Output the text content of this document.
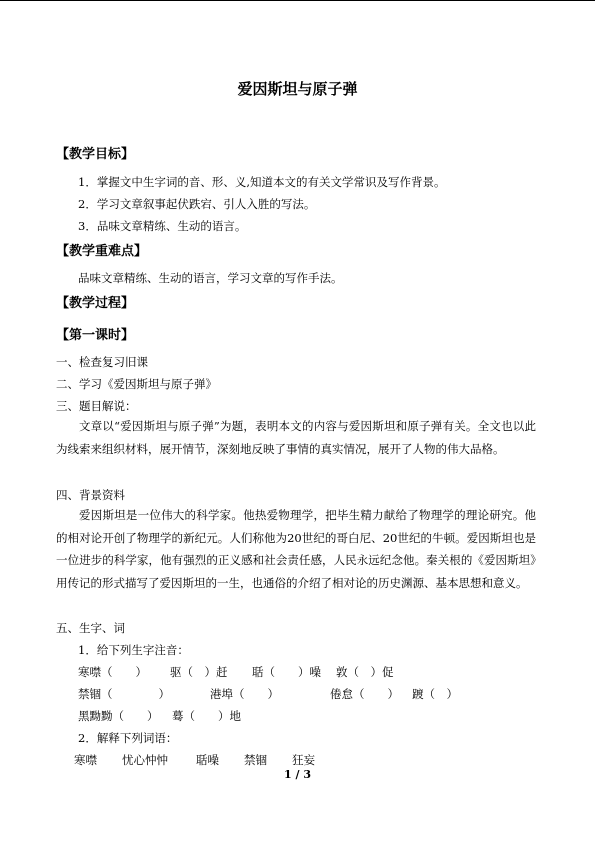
爱因斯坦与原子弹
【教学目标】
1．掌握文中生字词的音、形、义,知道本文的有关文学常识及写作背景。
2．学习文章叙事起伏跌宕、引人入胜的写法。
3．品味文章精练、生动的语言。
【教学重难点】
品味文章精练、生动的语言，学习文章的写作手法。
【教学过程】
【第一课时】
一、检查复习旧课
二、学习《爱因斯坦与原子弹》
三、题目解说：
文章以“爱因斯坦与原子弹”为题，表明本文的内容与爱因斯坦和原子弹有关。全文也以此为线索来组织材料，展开情节，深刻地反映了事情的真实情况，展开了人物的伟大品格。
四、背景资料
爱因斯坦是一位伟大的科学家。他热爱物理学，把毕生精力献给了物理学的理论研究。他的相对论开创了物理学的新纪元。人们称他为20世纪的哥白尼、20世纪的牛顿。爱因斯坦也是一位进步的科学家，他有强烈的正义感和社会责任感，人民永远纪念他。秦关根的《爱因斯坦》用传记的形式描写了爱因斯坦的一生，也通俗的介绍了相对论的历史渊源、基本思想和意义。
五、生字、词
1．给下列生字注音：
寒噤（　　） 驱（　）赶 聒（　　）噪 敦（　）促
禁锢（　　　　）	港埠（　　）	倦怠（　　） 踱（　）
黑黝黝（　　） 蓦（　　）地
2．解释下列词语：
寒噤 忧心忡忡 聒噪 禁锢 狂妄
1 / 3
